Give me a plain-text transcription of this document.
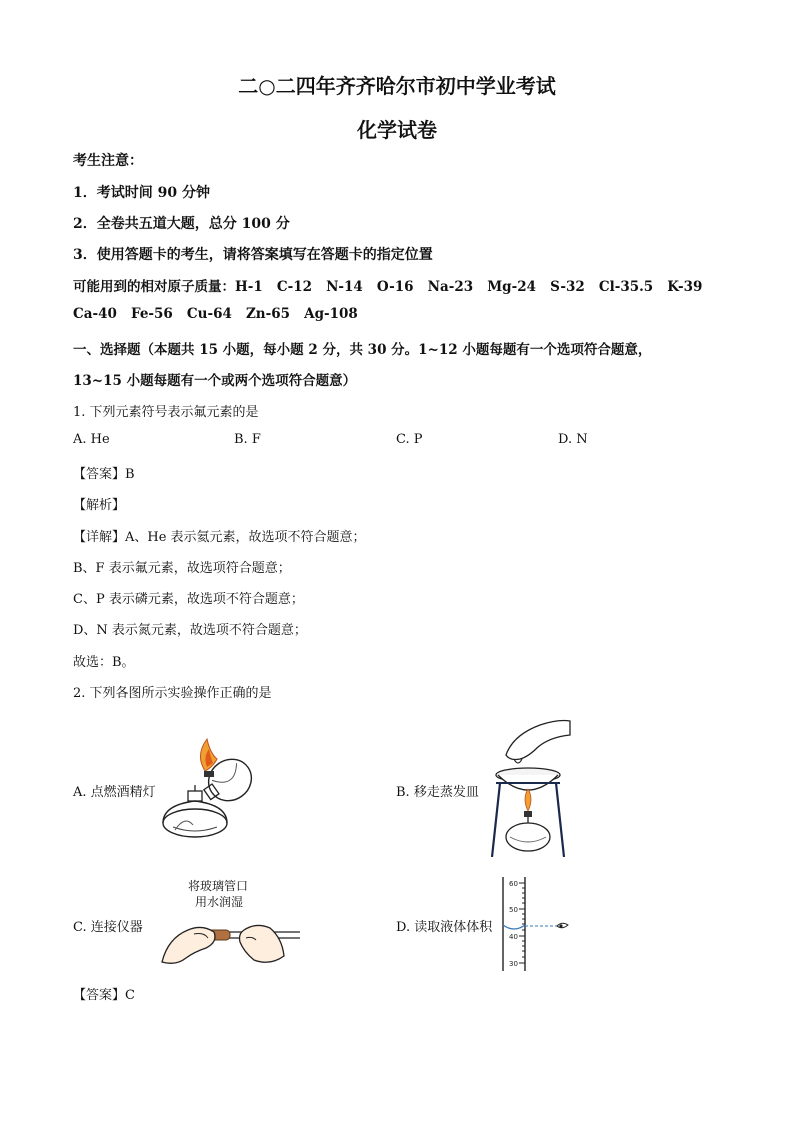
二○二四年齐齐哈尔市初中学业考试
化学试卷
考生注意：
1．考试时间 90 分钟
2．全卷共五道大题，总分 100 分
3．使用答题卡的考生，请将答案填写在答题卡的指定位置
可能用到的相对原子质量：H-1   C-12   N-14   O-16   Na-23   Mg-24   S-32   Cl-35.5   K-39
Ca-40   Fe-56   Cu-64   Zn-65   Ag-108
一、选择题（本题共 15 小题，每小题 2 分，共 30 分。1~12 小题每题有一个选项符合题意，
13~15 小题每题有一个或两个选项符合题意）
1. 下列元素符号表示氟元素的是
A. He	B. F	C. P	D. N
【答案】B
【解析】
【详解】A、He 表示氦元素，故选项不符合题意；
B、F 表示氟元素，故选项符合题意；
C、P 表示磷元素，故选项不符合题意；
D、N 表示氮元素，故选项不符合题意；
故选：B。
2. 下列各图所示实验操作正确的是
A. 点燃酒精灯	B. 移走蒸发皿
C. 连接仪器	D. 读取液体体积
将玻璃管口
用水润湿
60
50
40
30
【答案】C
